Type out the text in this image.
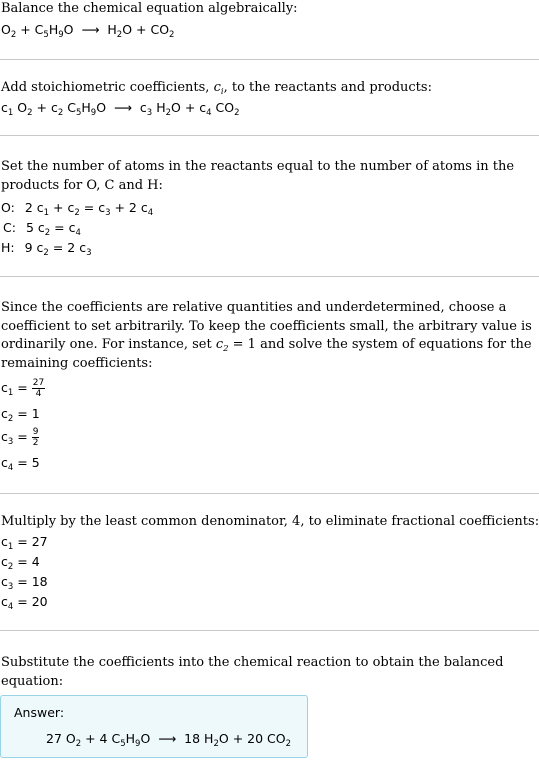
Balance the chemical equation algebraically:
$O_2 + C_5H_9O$ ⟶ $H_2O + CO_2$
Add stoichiometric coefficients, $c_i$, to the reactants and products:
$c_1$ $O_2 + c_2$ $C_5H_9O$ ⟶ $c_3$ $H_2O + c_4$ $CO_2$
Set the number of atoms in the reactants equal to the number of atoms in the products for O, C and H:
O: 2 $c_1 + c_2 = c_3 + 2$ $c_4$
C: 5 $c_2 = c_4$
H: 9 $c_2 = 2$ $c_3$
Since the coefficients are relative quantities and underdetermined, choose a coefficient to set arbitrarily. To keep the coefficients small, the arbitrary value is ordinarily one. For instance, set $c_2 = 1$ and solve the system of equations for the remaining coefficients:
$c_1 = \frac{27}{4}$
$c_2 = 1$
$c_3 = \frac{9}{2}$
$c_4 = 5$
Multiply by the least common denominator, 4, to eliminate fractional coefficients:
$c_1 = 27$
$c_2 = 4$
$c_3 = 18$
$c_4 = 20$
Substitute the coefficients into the chemical reaction to obtain the balanced equation:
Answer:
27 $O_2 + 4$ $C_5H_9O$ ⟶ 18 $H_2O + 20$ $CO_2$
